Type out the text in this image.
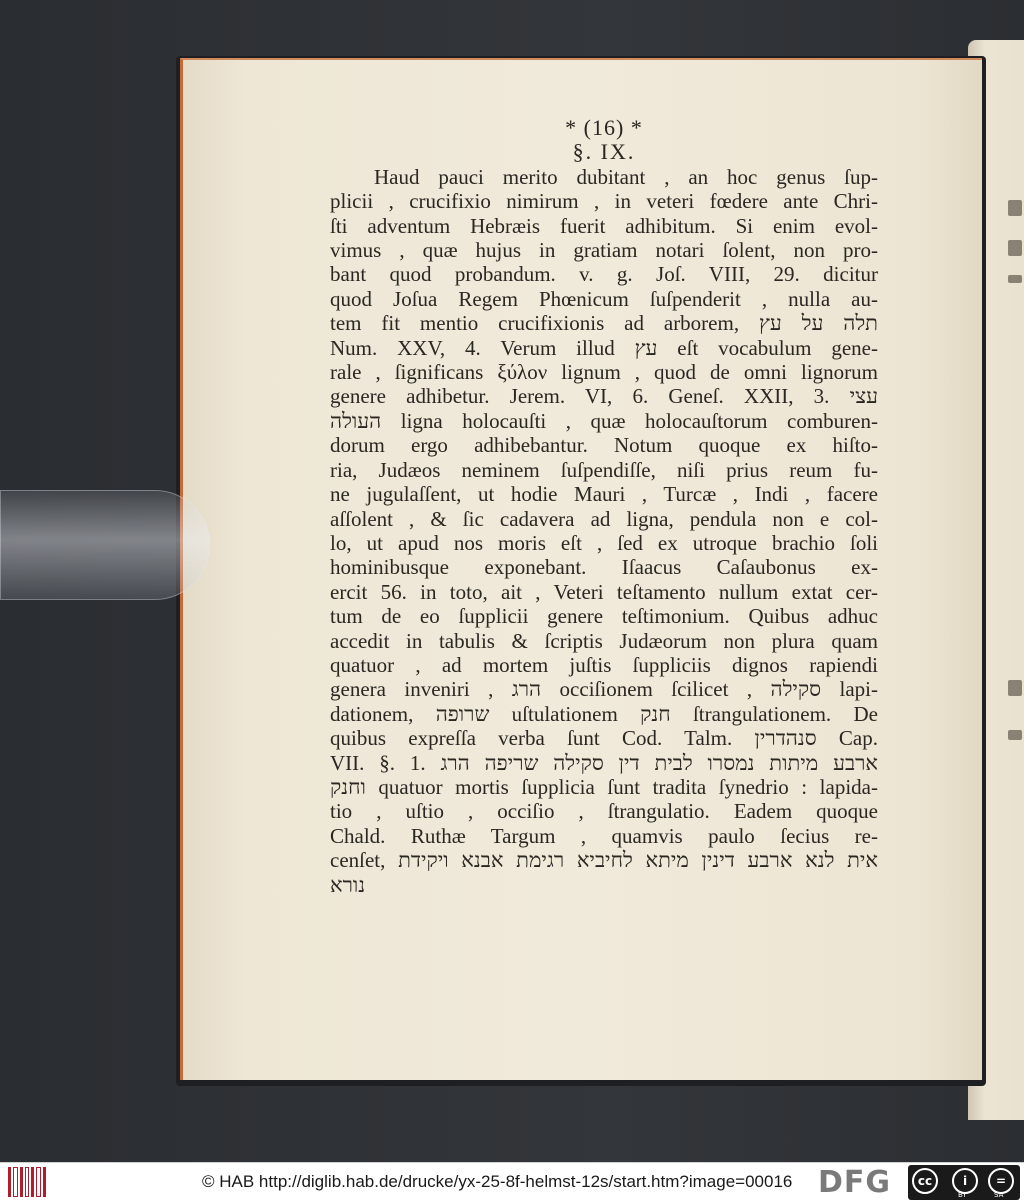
* (16) *
§. IX.
Haud pauci merito dubitant , an hoc genus ſup-
plicii , crucifixio nimirum , in veteri fœdere ante Chri-
ſti adventum Hebræis fuerit adhibitum. Si enim evol-
vimus , quæ hujus in gratiam notari ſolent, non pro-
bant quod probandum. v. g. Joſ. VIII, 29. dicitur
quod Joſua Regem Phœnicum ſuſpenderit , nulla au-
tem fit mentio crucifixionis ad arborem, תלה על עץ
Num. XXV, 4. Verum illud עץ eſt vocabulum gene-
rale , ſignificans ξύλον lignum , quod de omni lignorum
genere adhibetur. Jerem. VI, 6. Geneſ. XXII, 3. עצי
העולה ligna holocauſti , quæ holocauſtorum comburen-
dorum ergo adhibebantur. Notum quoque ex hiſto-
ria, Judæos neminem ſuſpendiſſe, niſi prius reum fu-
ne jugulaſſent, ut hodie Mauri , Turcæ , Indi , facere
aſſolent , & ſic cadavera ad ligna, pendula non e col-
lo, ut apud nos moris eſt , ſed ex utroque brachio ſoli
hominibusque exponebant. Iſaacus Caſaubonus ex-
ercit 56. in toto, ait , Veteri teſtamento nullum extat cer-
tum de eo ſupplicii genere teſtimonium. Quibus adhuc
accedit in tabulis & ſcriptis Judæorum non plura quam
quatuor , ad mortem juſtis ſuppliciis dignos rapiendi
genera inveniri , הרג occiſionem ſcilicet , סקילה lapi-
dationem, שרופה uſtulationem חנק ſtrangulationem. De
quibus expreſſa verba ſunt Cod. Talm. סנהדרין Cap.
VII. §. 1. ארבע מיתות נמסרו לבית דין סקילה שריפה הרג
וחנק quatuor mortis ſupplicia ſunt tradita ſynedrio : lapida-
tio , uſtio , occiſio , ſtrangulatio. Eadem quoque
Chald. Ruthæ Targum , quamvis paulo ſecius re-
cenſet, אית לנא ארבע דינין מיתא לחיביא רגימת אבנא ויקידת
נורא
© HAB http://diglib.hab.de/drucke/yx-25-8f-helmst-12s/start.htm?image=00016 DFG	cc	i	=
BY	SA
